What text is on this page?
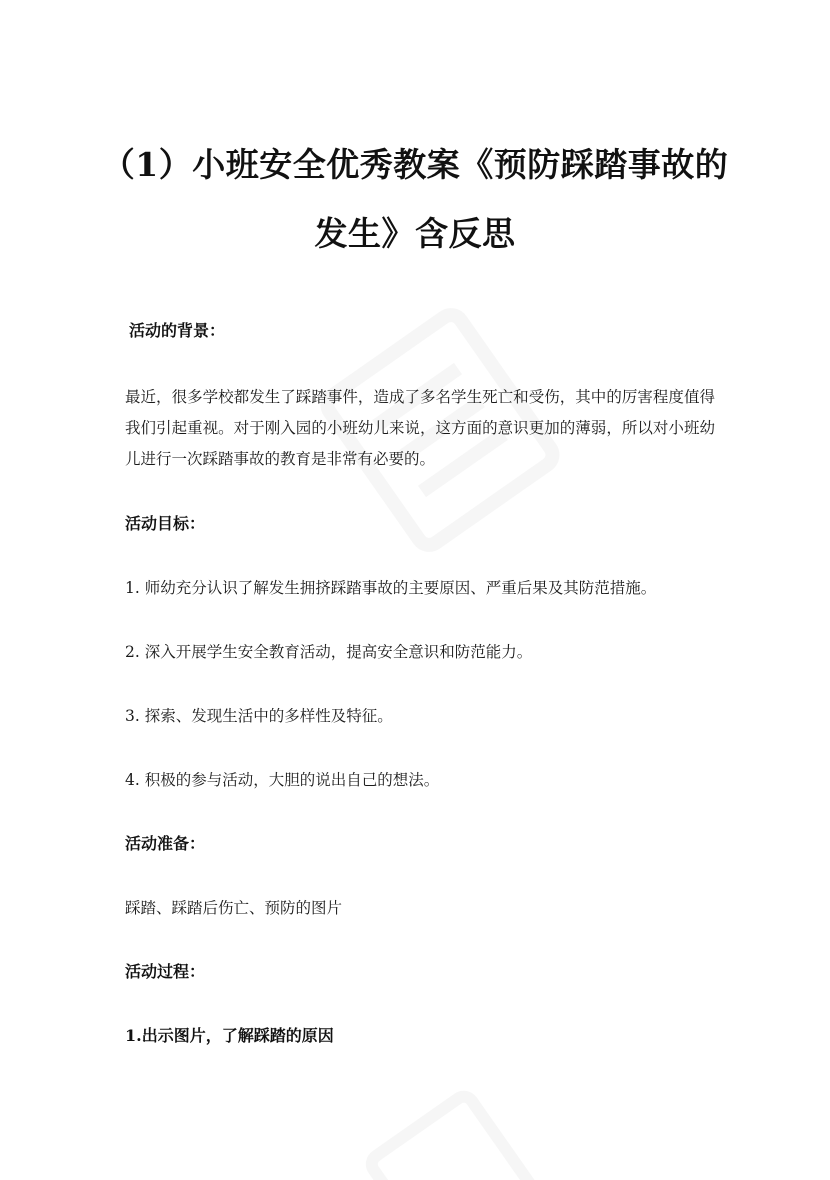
（1）小班安全优秀教案《预防踩踏事故的
发生》含反思

活动的背景：

最近，很多学校都发生了踩踏事件，造成了多名学生死亡和受伤，其中的厉害程度值得我们引起重视。对于刚入园的小班幼儿来说，这方面的意识更加的薄弱，所以对小班幼儿进行一次踩踏事故的教育是非常有必要的。

活动目标：

1. 师幼充分认识了解发生拥挤踩踏事故的主要原因、严重后果及其防范措施。

2. 深入开展学生安全教育活动，提高安全意识和防范能力。

3. 探索、发现生活中的多样性及特征。

4. 积极的参与活动，大胆的说出自己的想法。

活动准备：

踩踏、踩踏后伤亡、预防的图片

活动过程：

1.出示图片，了解踩踏的原因
